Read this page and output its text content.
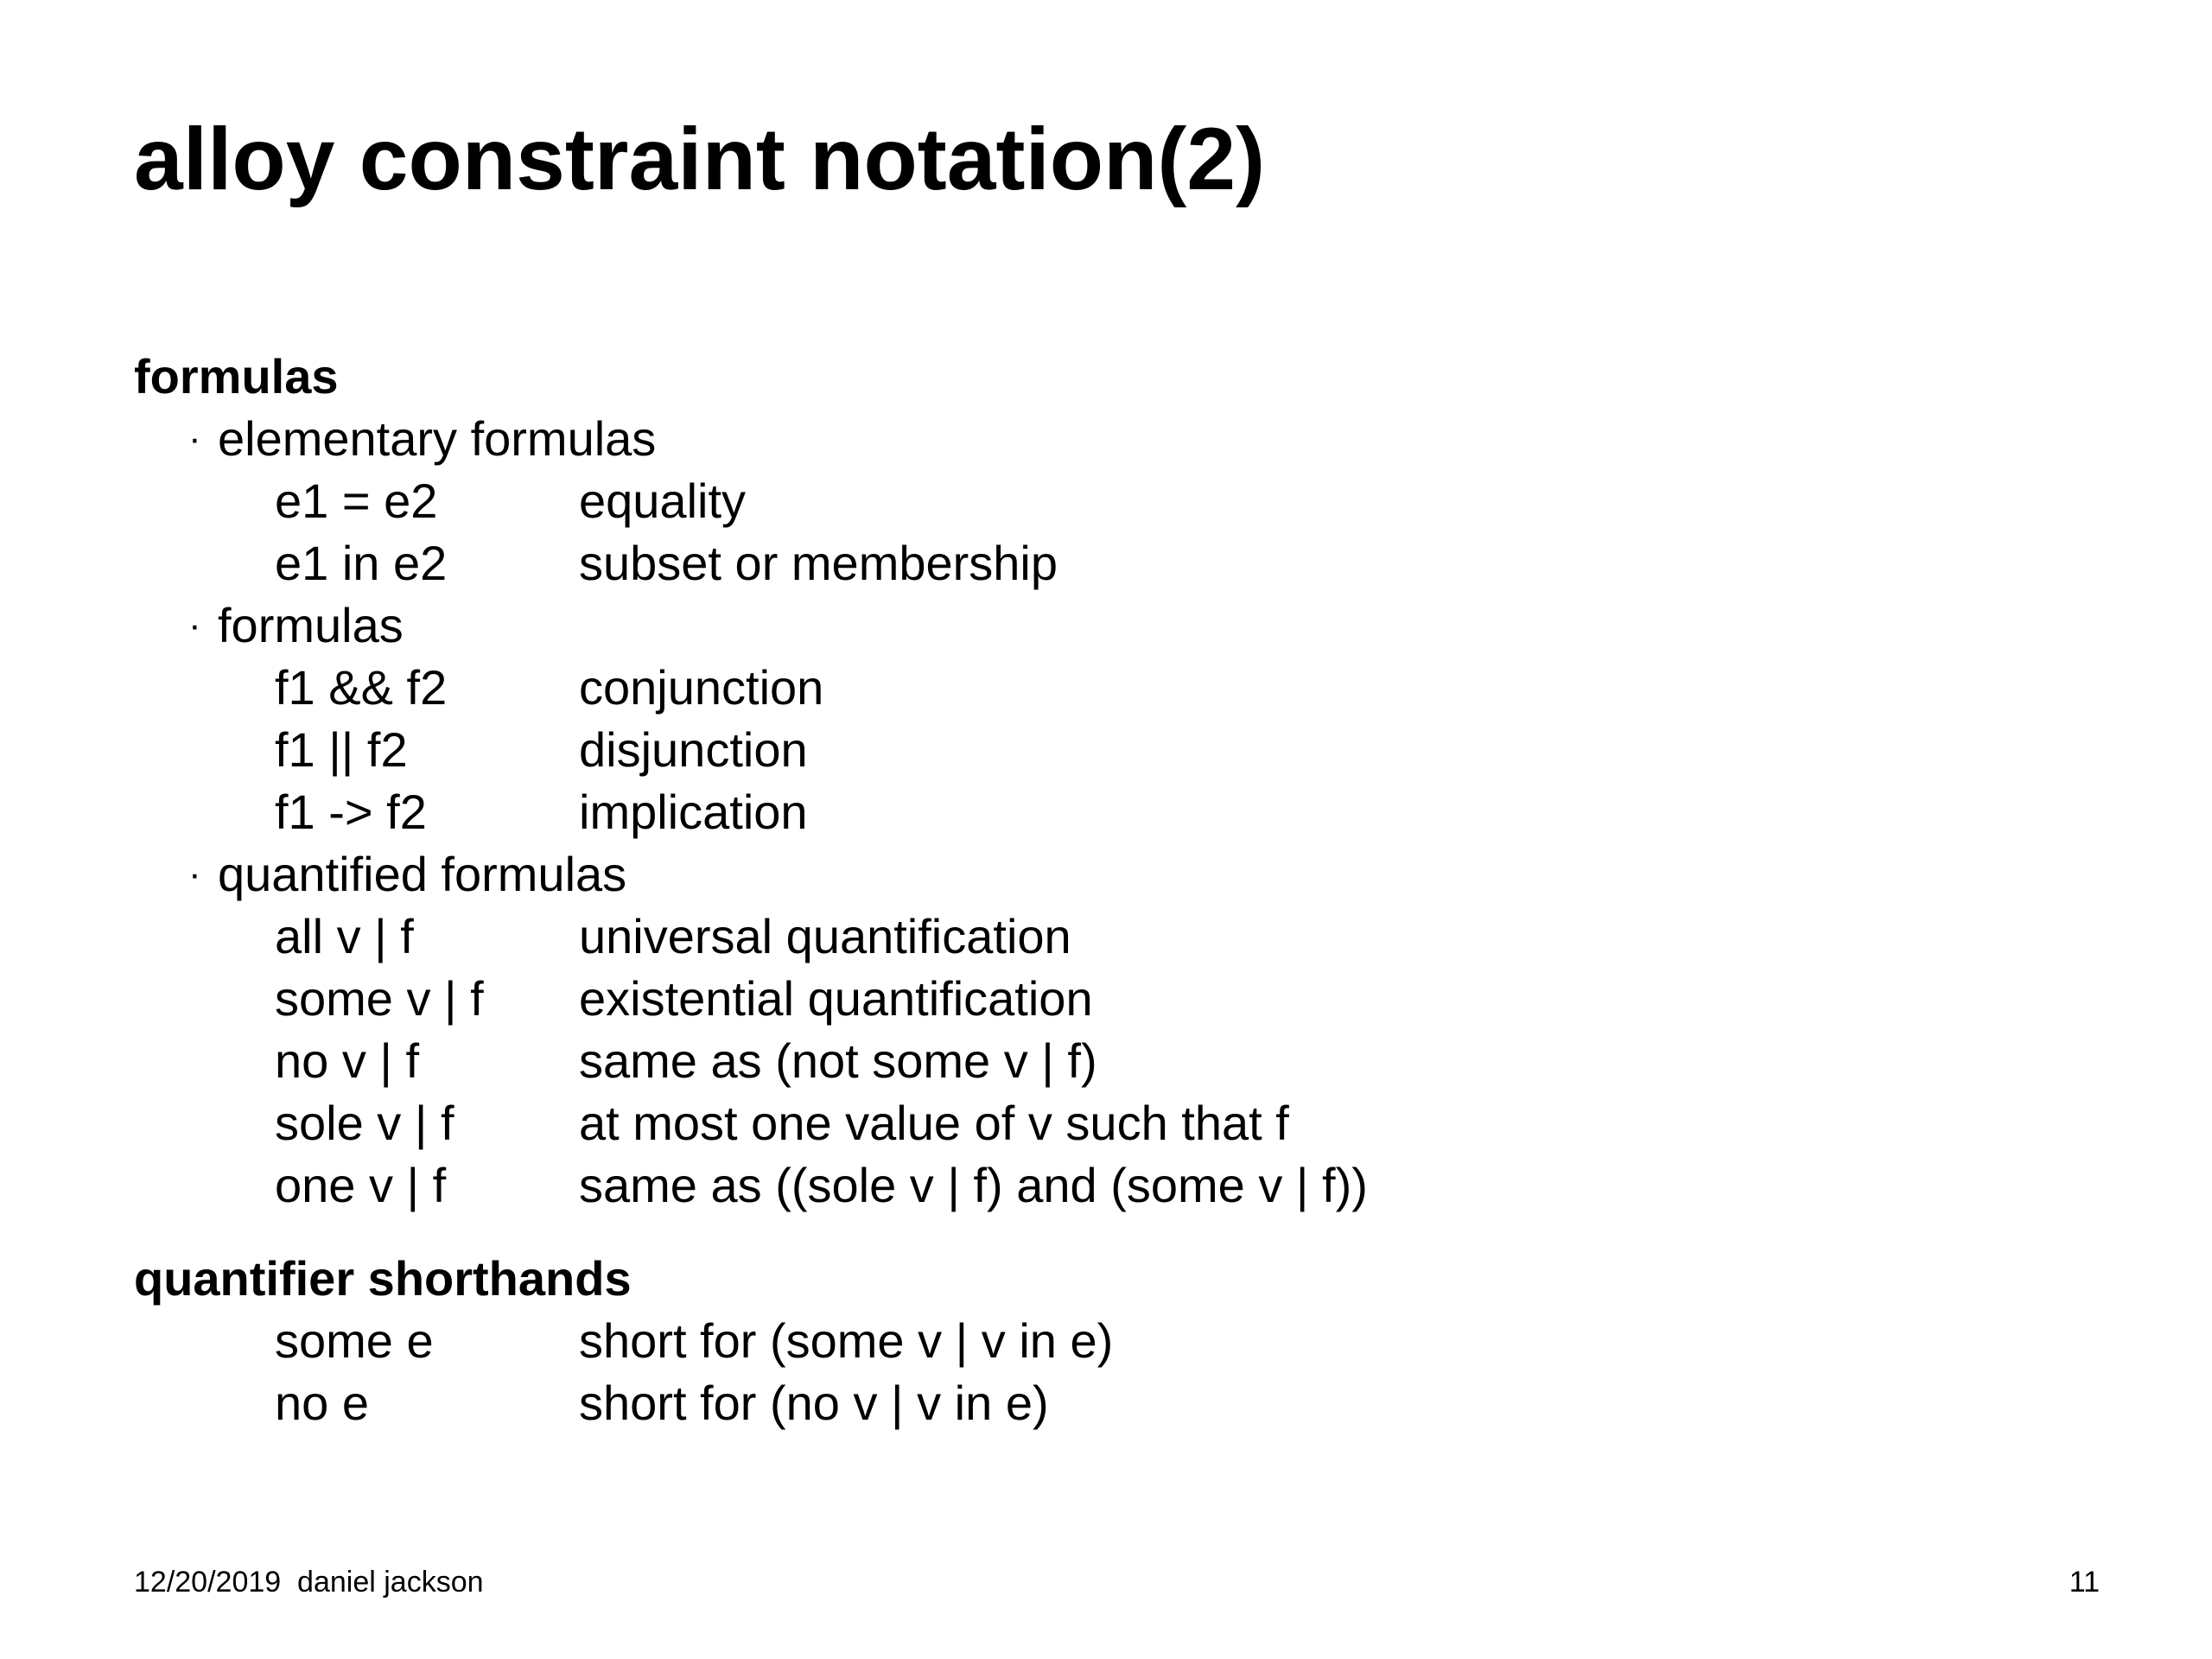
alloy constraint notation(2)
formulas
· elementary formulas
e1 = e2	equality
e1 in e2	subset or membership
· formulas
f1 && f2	conjunction
f1 || f2	disjunction
f1 -> f2	implication
· quantified formulas
all v | f	universal quantification
some v | f	existential quantification
no v | f	same as (not some v | f)
sole v | f	at most one value of v such that f
one v | f	same as ((sole v | f) and (some v | f))
quantifier shorthands
some e	short for (some v | v in e)
no e	short for (no v | v in e)
12/20/2019  daniel jackson	11
